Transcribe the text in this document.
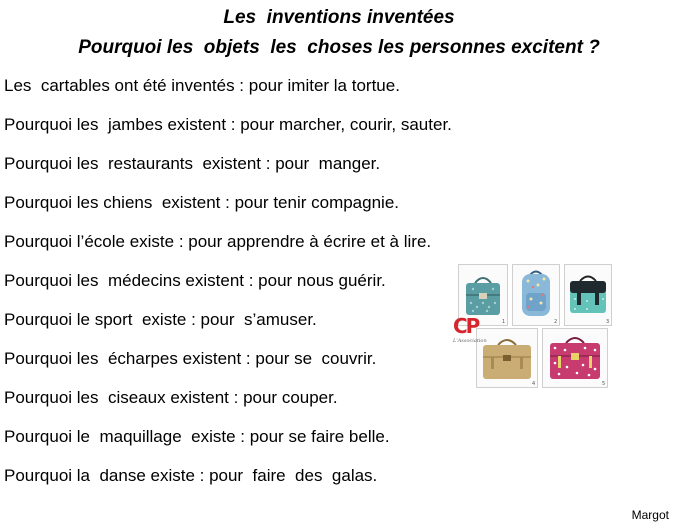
Les  inventions inventées
Pourquoi les  objets  les  choses les personnes excitent ?
Les  cartables ont été inventés : pour imiter la tortue.
Pourquoi les  jambes existent : pour marcher, courir, sauter.
Pourquoi les  restaurants  existent : pour  manger.
Pourquoi les chiens  existent : pour tenir compagnie.
Pourquoi l’école existe : pour apprendre à écrire et à lire.
Pourquoi les  médecins existent : pour nous guérir.
Pourquoi le sport  existe : pour  s’amuser.
Pourquoi les  écharpes existent : pour se  couvrir.
Pourquoi les  ciseaux existent : pour couper.
Pourquoi le  maquillage  existe : pour se faire belle.
Pourquoi la  danse existe : pour  faire  des  galas.
1	2	3
4	5
CP
L'Association
Margot
